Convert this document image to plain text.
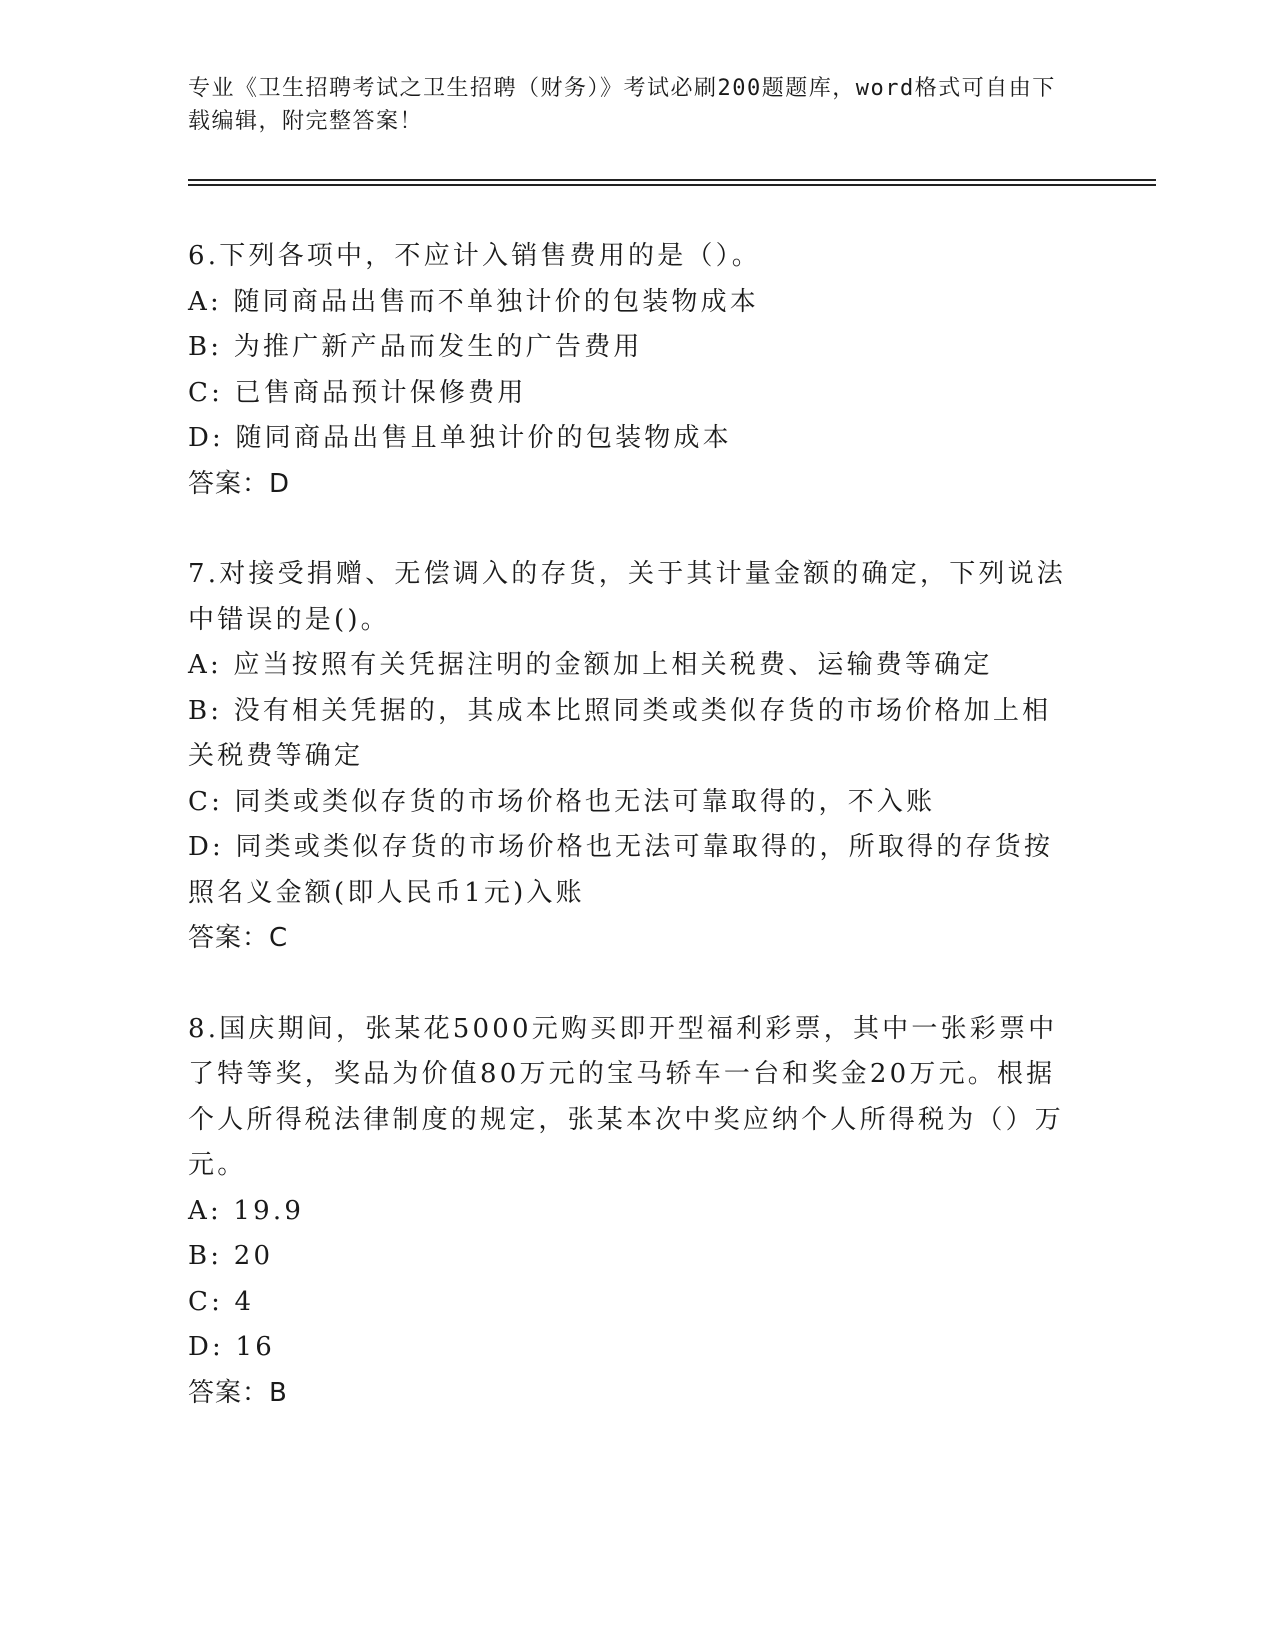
专业《卫生招聘考试之卫生招聘（财务）》考试必刷200题题库，word格式可自由下载编辑，附完整答案！

6.下列各项中，不应计入销售费用的是（）。

A: 随同商品出售而不单独计价的包装物成本

B: 为推广新产品而发生的广告费用

C: 已售商品预计保修费用

D: 随同商品出售且单独计价的包装物成本

答案：D

7.对接受捐赠、无偿调入的存货，关于其计量金额的确定，下列说法中错误的是()。

A: 应当按照有关凭据注明的金额加上相关税费、运输费等确定

B: 没有相关凭据的，其成本比照同类或类似存货的市场价格加上相关税费等确定

C: 同类或类似存货的市场价格也无法可靠取得的，不入账

D: 同类或类似存货的市场价格也无法可靠取得的，所取得的存货按照名义金额(即人民币1元)入账

答案：C

8.国庆期间，张某花5000元购买即开型福利彩票，其中一张彩票中了特等奖，奖品为价值80万元的宝马轿车一台和奖金20万元。根据个人所得税法律制度的规定，张某本次中奖应纳个人所得税为（）万元。

A: 19.9

B: 20

C: 4

D: 16

答案：B
